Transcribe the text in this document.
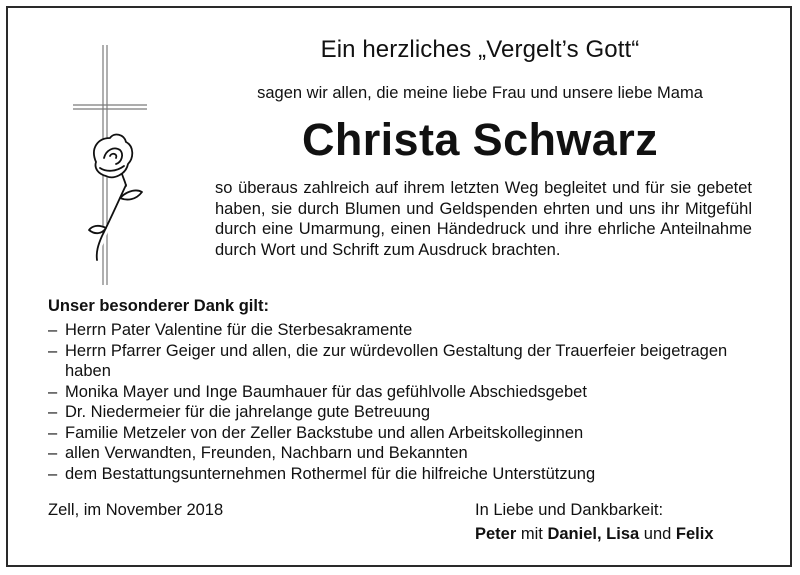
Ein herzliches „Vergelt’s Gott“
sagen wir allen, die meine liebe Frau und unsere liebe Mama
Christa Schwarz
so überaus zahlreich auf ihrem letzten Weg begleitet und für sie gebetet haben, sie durch Blumen und Geldspenden ehrten und uns ihr Mitgefühl durch eine Umarmung, einen Händedruck und ihre ehrliche Anteilnahme durch Wort und Schrift zum Ausdruck brachten.
Unser besonderer Dank gilt:
– Herrn Pater Valentine für die Sterbesakramente
– Herrn Pfarrer Geiger und allen, die zur würdevollen Gestaltung der Trauerfeier beigetragen haben
– Monika Mayer und Inge Baumhauer für das gefühlvolle Abschiedsgebet
– Dr. Niedermeier für die jahrelange gute Betreuung
– Familie Metzeler von der Zeller Backstube und allen Arbeitskolleginnen
– allen Verwandten, Freunden, Nachbarn und Bekannten
– dem Bestattungsunternehmen Rothermel für die hilfreiche Unterstützung
Zell, im November 2018	In Liebe und Dankbarkeit:
Peter mit Daniel, Lisa und Felix
